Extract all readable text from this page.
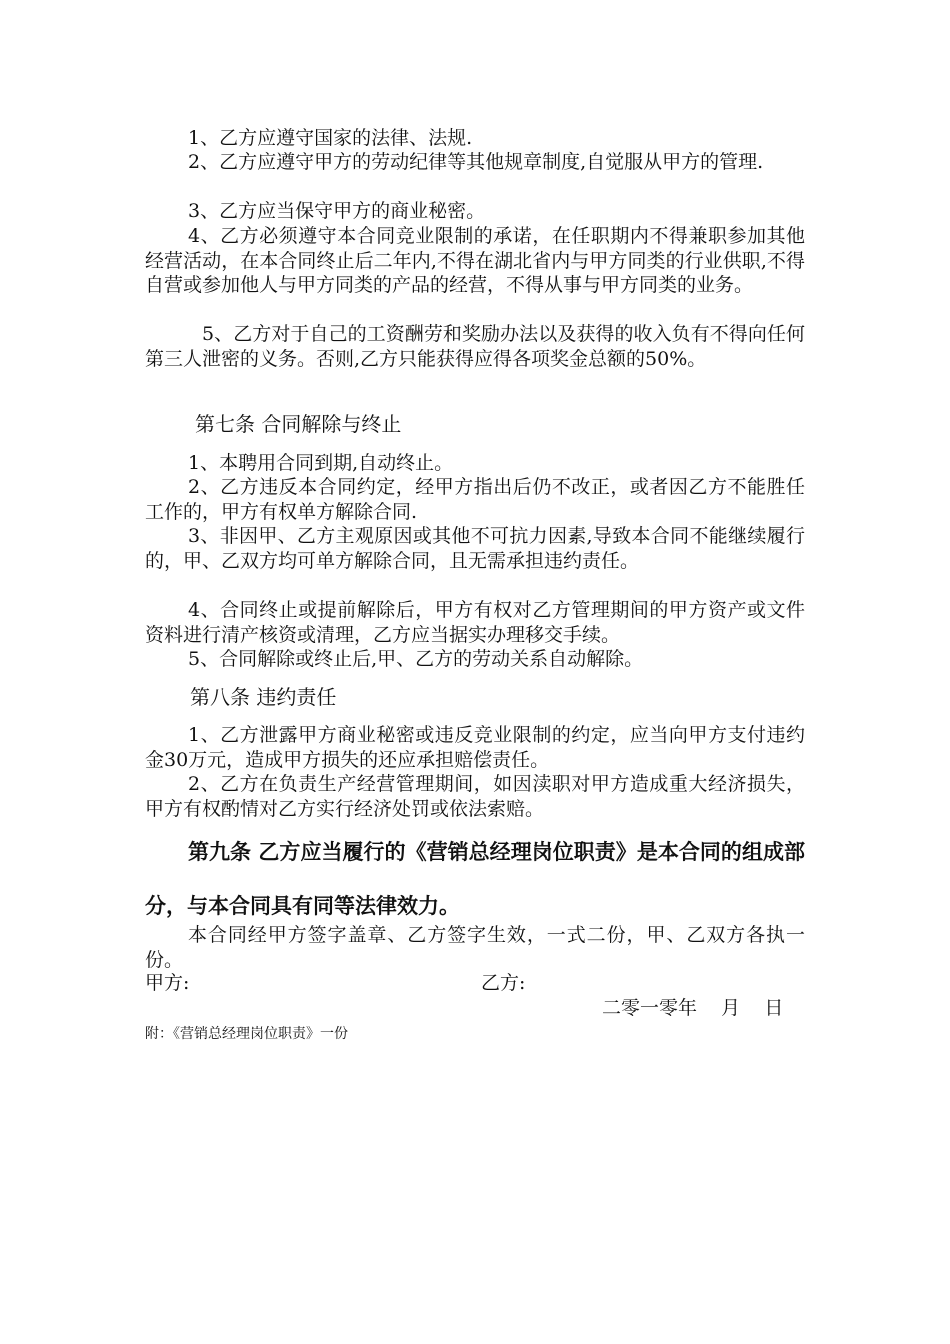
1、乙方应遵守国家的法律、法规.
2、乙方应遵守甲方的劳动纪律等其他规章制度,自觉服从甲方的管理.
3、乙方应当保守甲方的商业秘密。
4、乙方必须遵守本合同竞业限制的承诺，在任职期内不得兼职参加其他经营活动，在本合同终止后二年内,不得在湖北省内与甲方同类的行业供职,不得自营或参加他人与甲方同类的产品的经营，不得从事与甲方同类的业务。
5、乙方对于自己的工资酬劳和奖励办法以及获得的收入负有不得向任何第三人泄密的义务。否则,乙方只能获得应得各项奖金总额的50%。
第七条 合同解除与终止
1、本聘用合同到期,自动终止。
2、乙方违反本合同约定，经甲方指出后仍不改正，或者因乙方不能胜任工作的，甲方有权单方解除合同.
3、非因甲、乙方主观原因或其他不可抗力因素,导致本合同不能继续履行的，甲、乙双方均可单方解除合同，且无需承担违约责任。
4、合同终止或提前解除后，甲方有权对乙方管理期间的甲方资产或文件资料进行清产核资或清理，乙方应当据实办理移交手续。
5、合同解除或终止后,甲、乙方的劳动关系自动解除。
第八条 违约责任
1、乙方泄露甲方商业秘密或违反竞业限制的约定，应当向甲方支付违约金30万元，造成甲方损失的还应承担赔偿责任。
2、乙方在负责生产经营管理期间，如因渎职对甲方造成重大经济损失，甲方有权酌情对乙方实行经济处罚或依法索赔。
第九条 乙方应当履行的《营销总经理岗位职责》是本合同的组成部分，与本合同具有同等法律效力。
本合同经甲方签字盖章、乙方签字生效，一式二份，甲、乙双方各执一份。
甲方:	乙方:
二零一零年    月    日
附：《营销总经理岗位职责》一份
